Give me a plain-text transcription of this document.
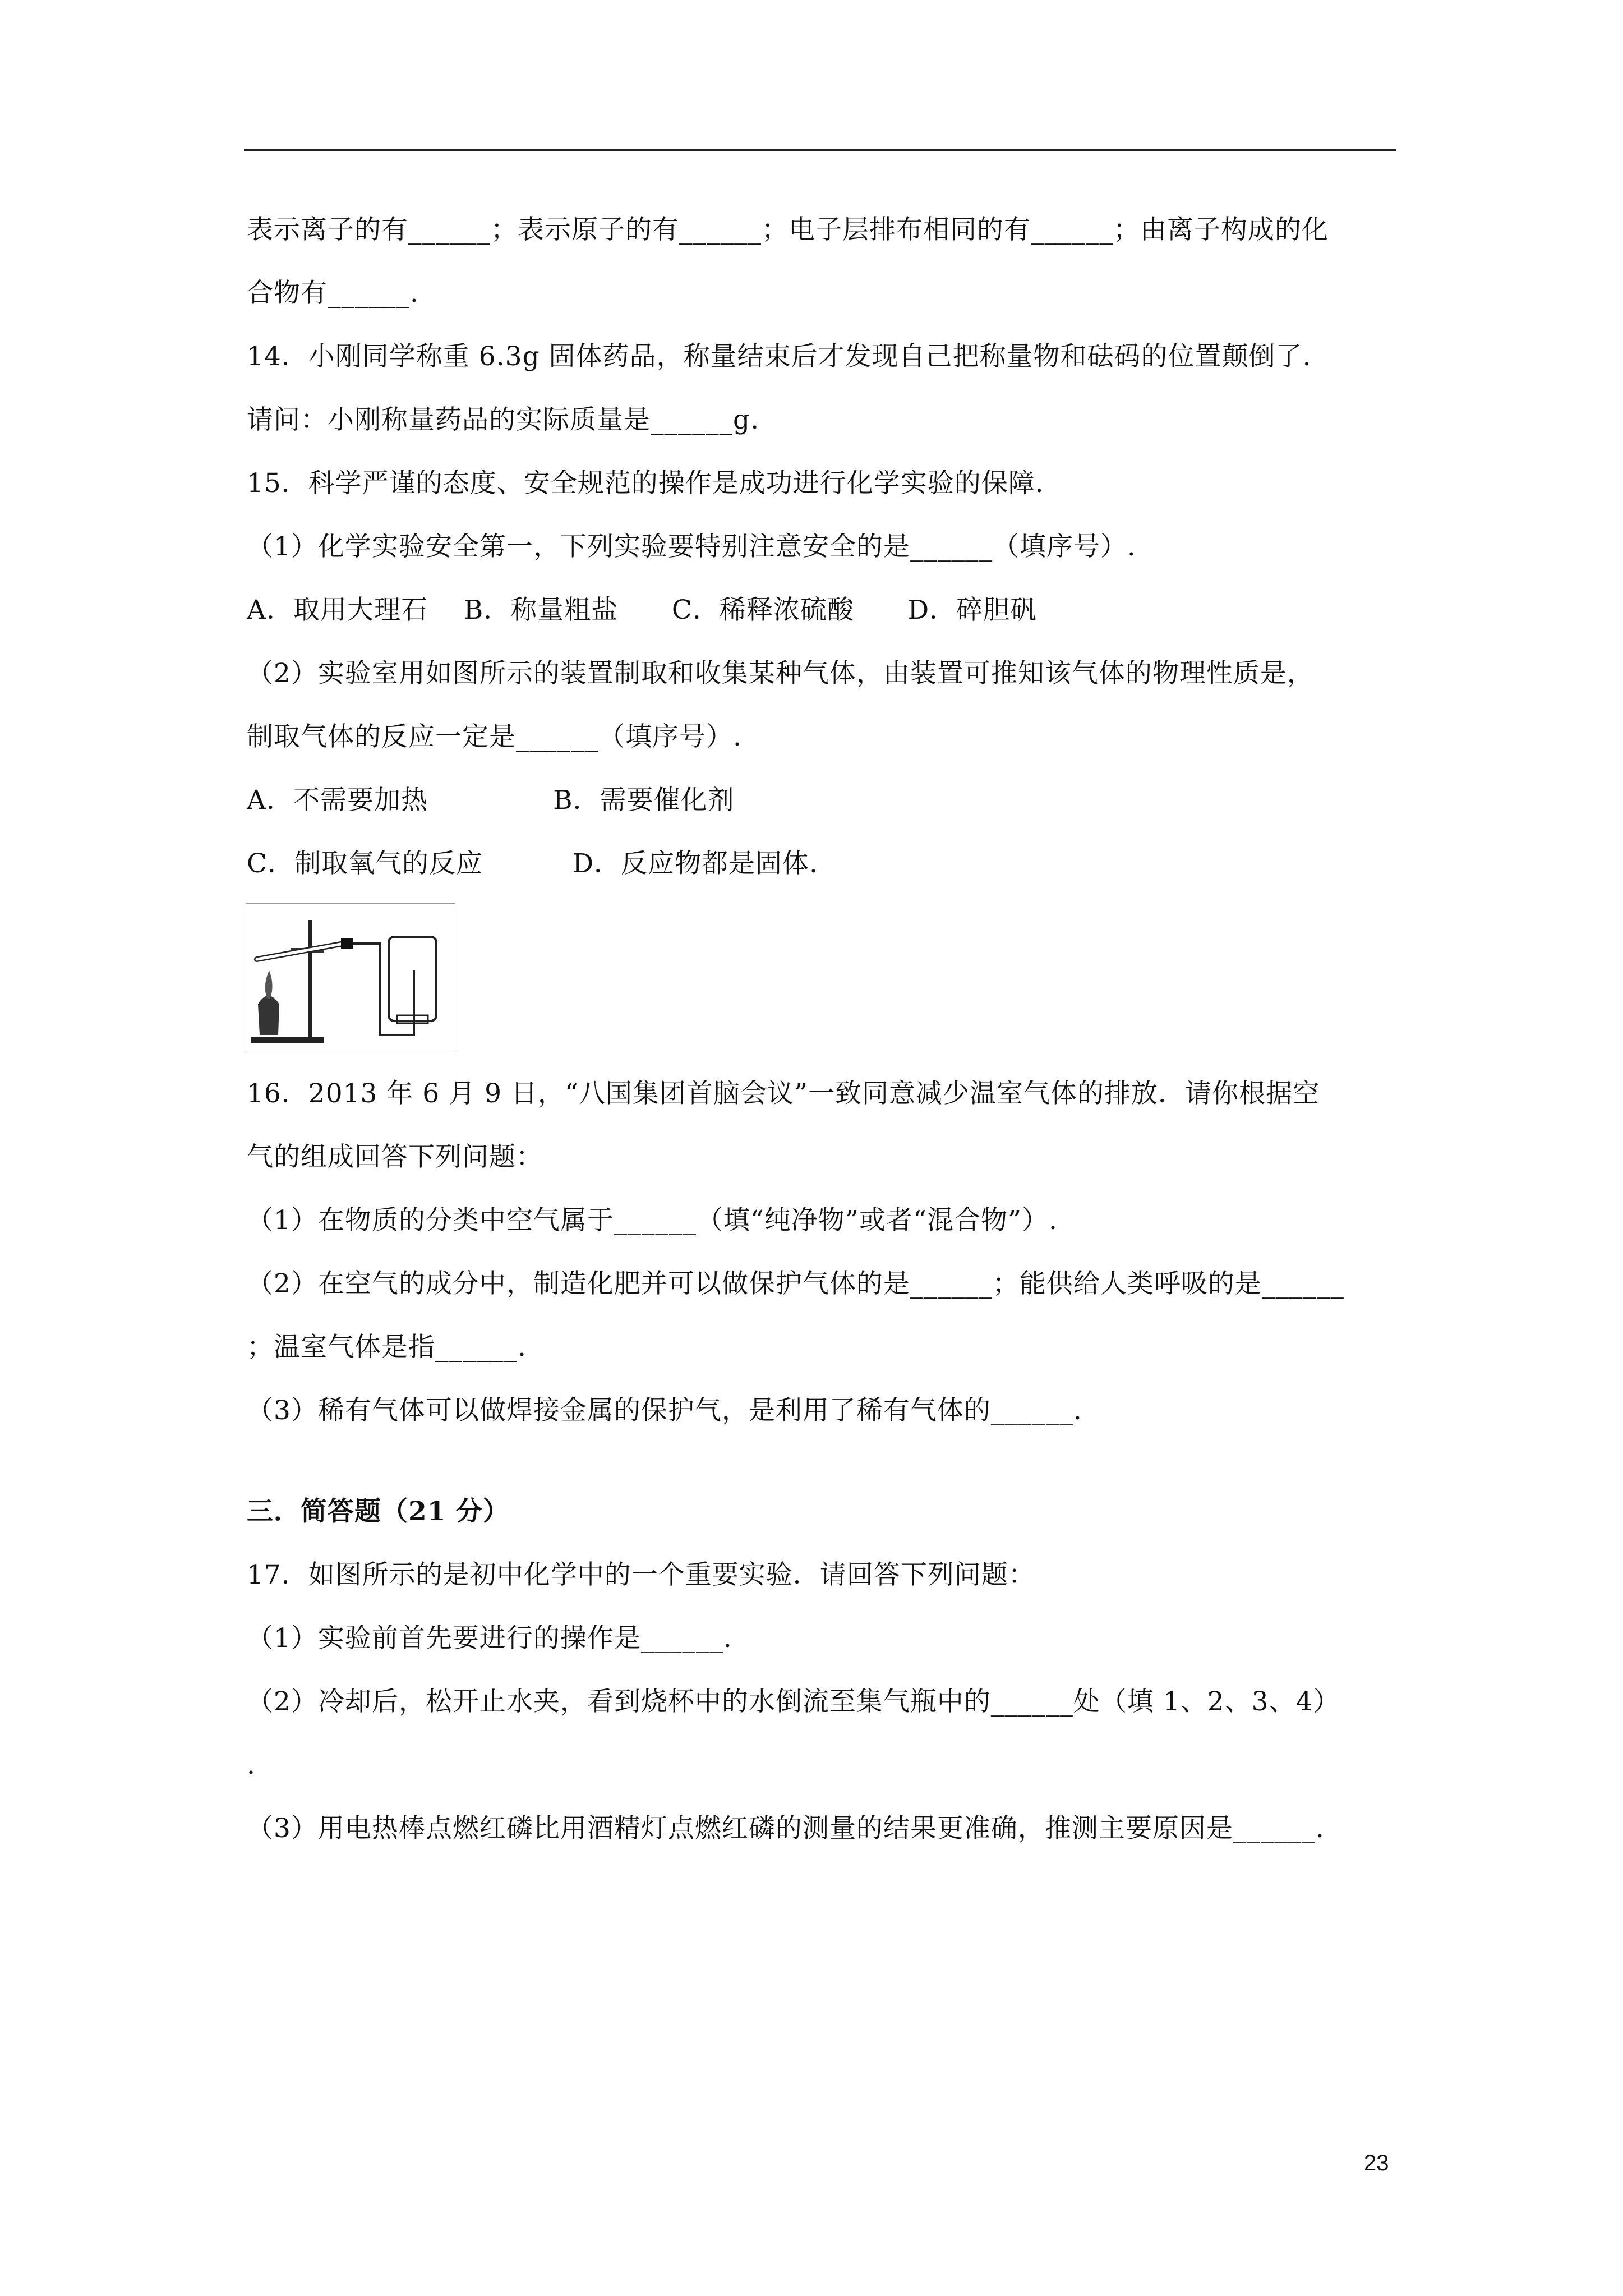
表示离子的有______；表示原子的有______；电子层排布相同的有______；由离子构成的化
合物有______.
14．小刚同学称重 6.3g 固体药品，称量结束后才发现自己把称量物和砝码的位置颠倒了.
请问：小刚称量药品的实际质量是______g.
15．科学严谨的态度、安全规范的操作是成功进行化学实验的保障.
（1）化学实验安全第一，下列实验要特别注意安全的是______（填序号）.
A．取用大理石    B．称量粗盐      C．稀释浓硫酸      D．碎胆矾
（2）实验室用如图所示的装置制取和收集某种气体，由装置可推知该气体的物理性质是，
制取气体的反应一定是______（填序号）.
A．不需要加热              B．需要催化剂
C．制取氧气的反应          D．反应物都是固体.
16．2013 年 6 月 9 日，“八国集团首脑会议”一致同意减少温室气体的排放．请你根据空
气的组成回答下列问题：
（1）在物质的分类中空气属于______（填“纯净物”或者“混合物”）.
（2）在空气的成分中，制造化肥并可以做保护气体的是______；能供给人类呼吸的是______
；温室气体是指______.
（3）稀有气体可以做焊接金属的保护气，是利用了稀有气体的______.
三．简答题（21 分）
17．如图所示的是初中化学中的一个重要实验．请回答下列问题：
（1）实验前首先要进行的操作是______.
（2）冷却后，松开止水夹，看到烧杯中的水倒流至集气瓶中的______处（填 1、2、3、4）
.
（3）用电热棒点燃红磷比用酒精灯点燃红磷的测量的结果更准确，推测主要原因是______.
23
